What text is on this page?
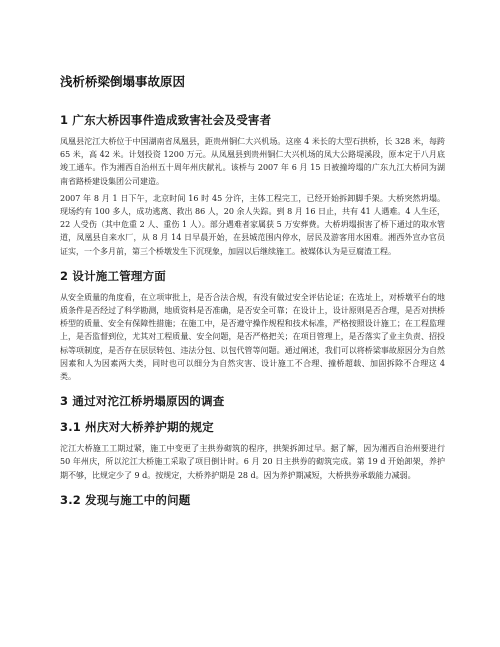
浅析桥梁倒塌事故原因
1 广东大桥因事件造成致害社会及受害者

凤凰县沱江大桥位于中国湖南省凤凰县，距贵州铜仁大兴机场。这座 4 米长的大型石拱桥，长 328 米，每跨 65 米，高 42 米。计划投资 1200 万元。从凤凰县到贵州铜仁大兴机场的凤大公路堤溪段，原本定于八月底竣工通车。作为湘西自治州五十周年州庆献礼。该桥与 2007 年 6 月 15 日被撞垮塌的广东九江大桥同为湖南省路桥建设集团公司建造。

2007 年 8 月 1 日下午，北京时间 16 时 45 分许，主体工程完工，已经开始拆卸脚手架。大桥突然坍塌。现场约有 100 多人，成功逃离、救出 86 人，20 余人失踪。到 8 月 16 日止，共有 41 人遇难。4 人生还，22 人受伤（其中危重 2 人、重伤 1 人）。部分遇难者家属获 5 万安葬费。大桥坍塌损害了桥下通过的取水管道，凤凰县自来水厂，从 8 月 14 日早晨开始，在县城范围内停水，居民及游客用水困难。湘西外宣办官员证实，一个多月前，第三个桥墩发生下沉现象，加固以后继续施工。被媒体认为是豆腐渣工程。

2 设计施工管理方面

从安全质量的角度看，在立项审批上，是否合法合规，有没有做过安全评估论证；在选址上，对桥墩平台的地质条件是否经过了科学勘测，地质资料是否准确，是否安全可靠；在设计上，设计原则是否合理，是否对拱桥桥型的质量、安全有保障性措施；在施工中，是否遵守操作规程和技术标准，严格按照设计施工；在工程监理上，是否监督到位，尤其对工程质量、安全问题，是否严格把关；在项目管理上，是否落实了业主负责、招投标等项制度，是否存在层层转包、违法分包、以包代管等问题。通过阐述，我们可以将桥梁事故原因分为自然因素和人为因素两大类，同时也可以细分为自然灾害、设计施工不合理、撞桥超载、加固拆除不合理这 4 类。

3 通过对沱江桥坍塌原因的调查
3.1 州庆对大桥养护期的规定

沱江大桥施工工期过紧，施工中变更了主拱券砌筑的程序，拱架拆卸过早。据了解，因为湘西自治州要进行 50 年州庆，所以沱江大桥施工采取了项目倒计时。6 月 20 日主拱券的砌筑完成。第 19 d 开始卸架，养护期不够，比规定少了 9 d。按规定，大桥养护期是 28 d。因为养护期减短，大桥拱券承载能力减弱。

3.2 发现与施工中的问题
